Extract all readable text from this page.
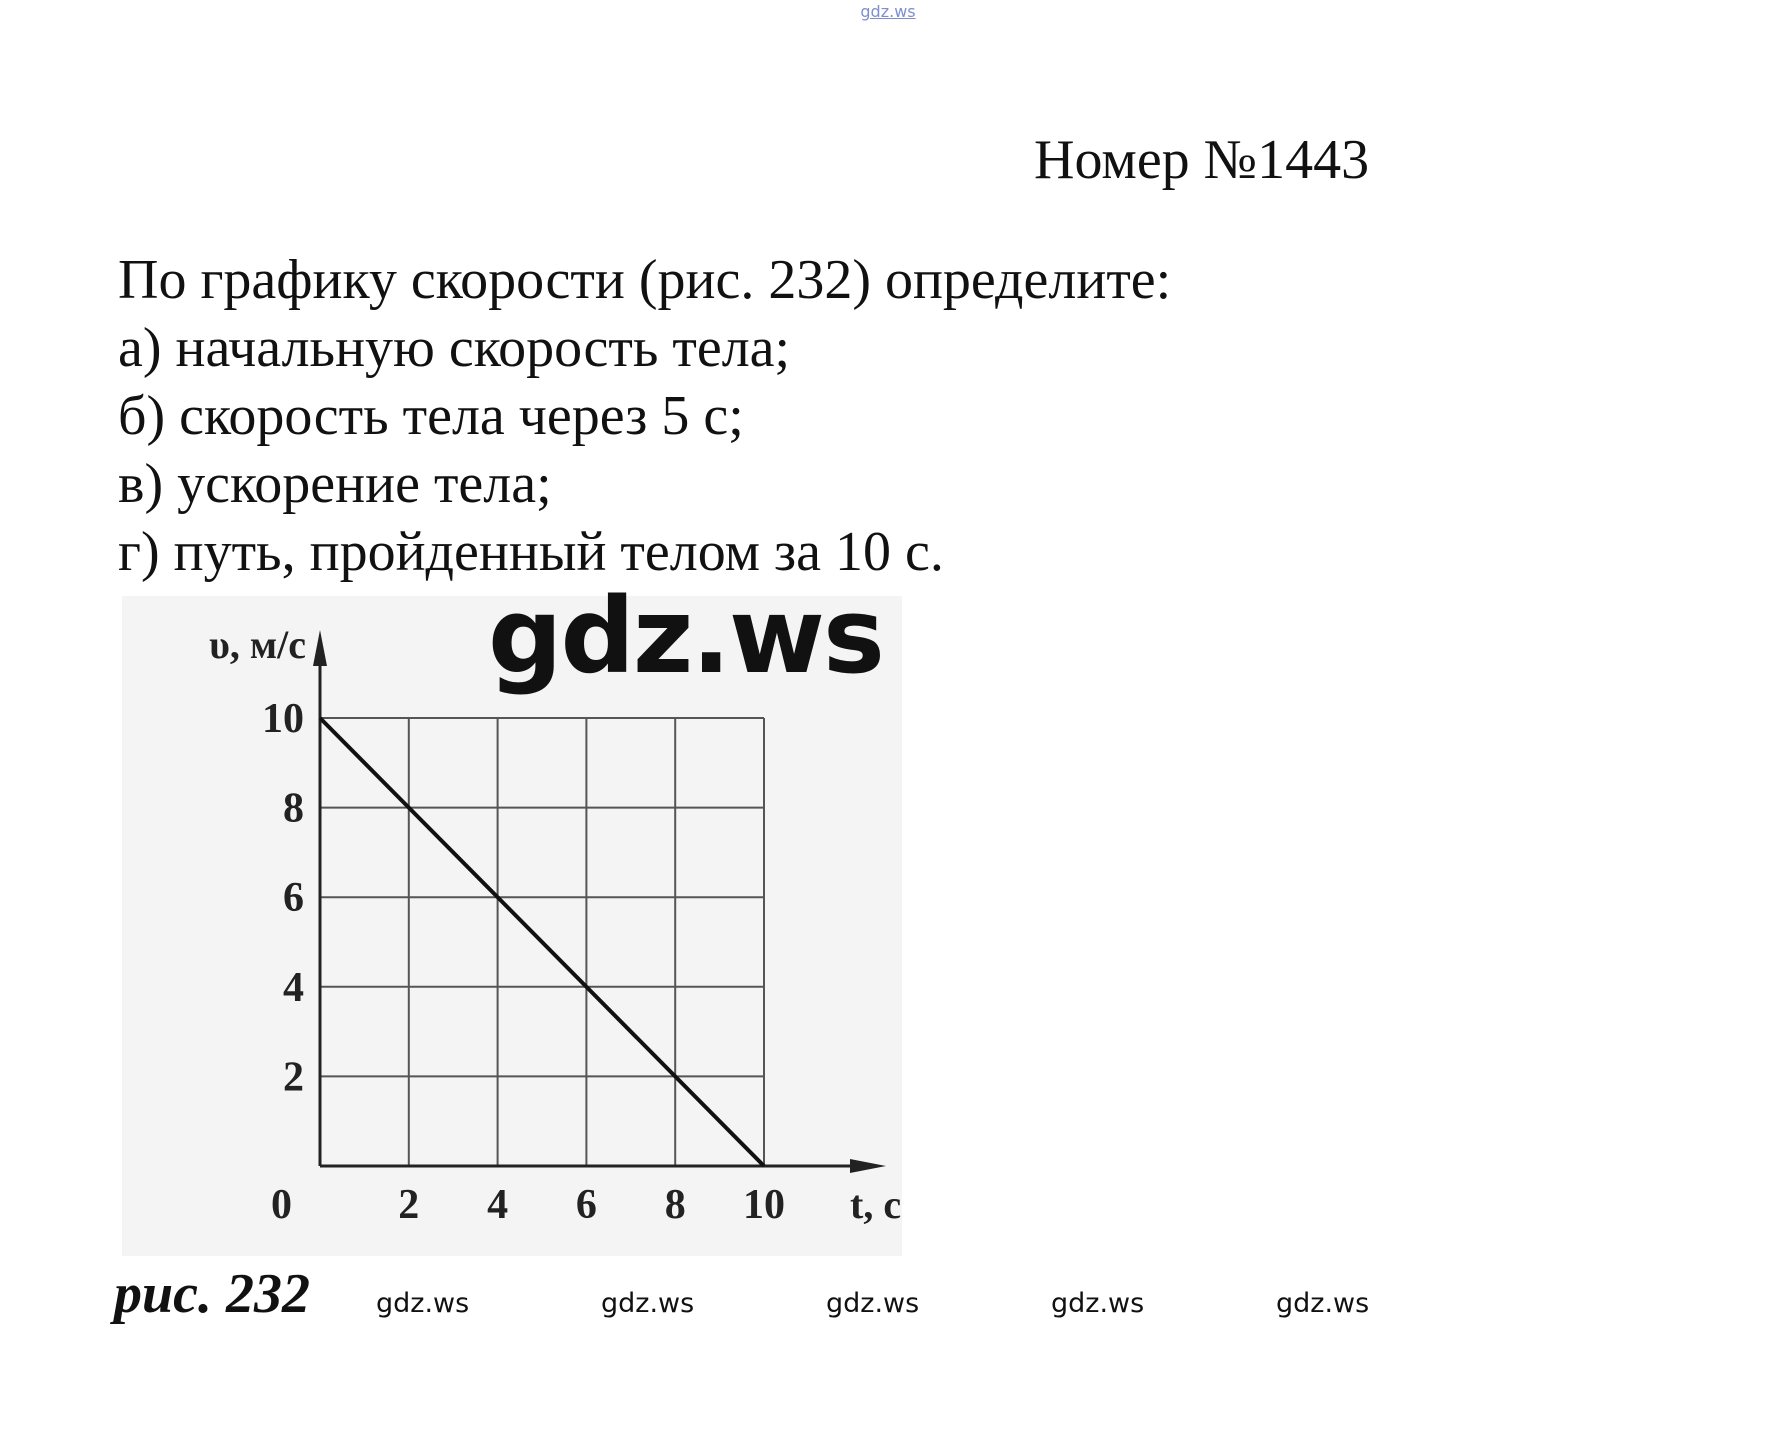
gdz.ws
Номер №1443
По графику скорости (рис. 232) определите:
а) начальную скорость тела;
б) скорость тела через 5 с;
в) ускорение тела;
г) путь, пройденный телом за 10 с.
2 4 6 8 10
2
4
6
8
10
0	t, с
υ, м/с gdz.ws
рис. 232 gdz.ws	gdz.ws	gdz.ws	gdz.ws	gdz.ws
